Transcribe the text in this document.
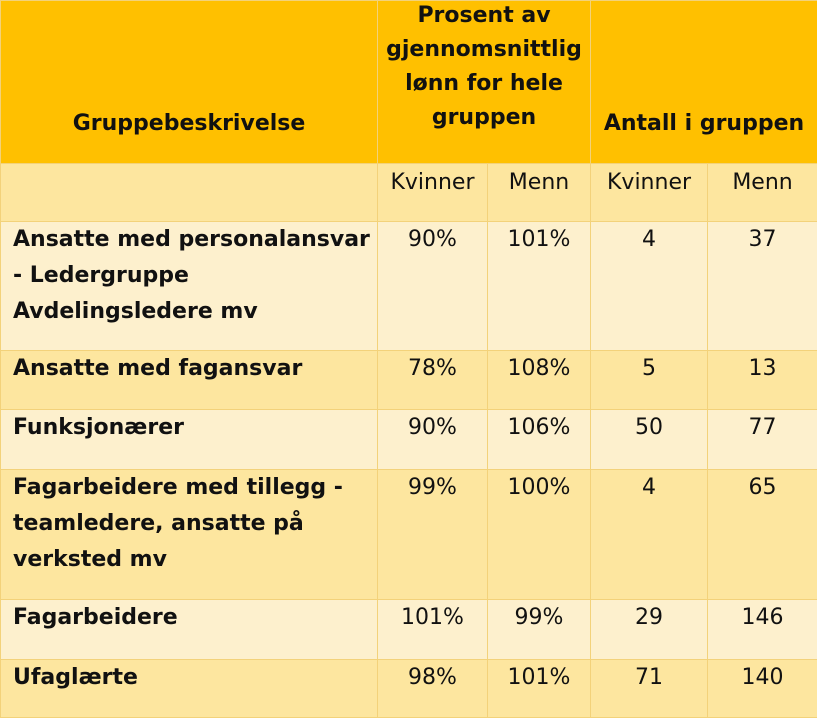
Gruppebeskrivelse	Prosent av
gjennomsnittlig
lønn for hele
gruppen		Antall i gruppen	
	Kvinner	Menn	Kvinner	Menn

Ansatte med personalansvar
- Ledergruppe
Avdelingsledere mv	90%	101%	4	37

Ansatte med fagansvar	78%	108%	5	13

Funksjonærer	90%	106%	50	77

Fagarbeidere med tillegg -
teamledere, ansatte på
verksted mv	99%	100%	4	65

Fagarbeidere	101%	99%	29	146

Ufaglærte	98%	101%	71	140
